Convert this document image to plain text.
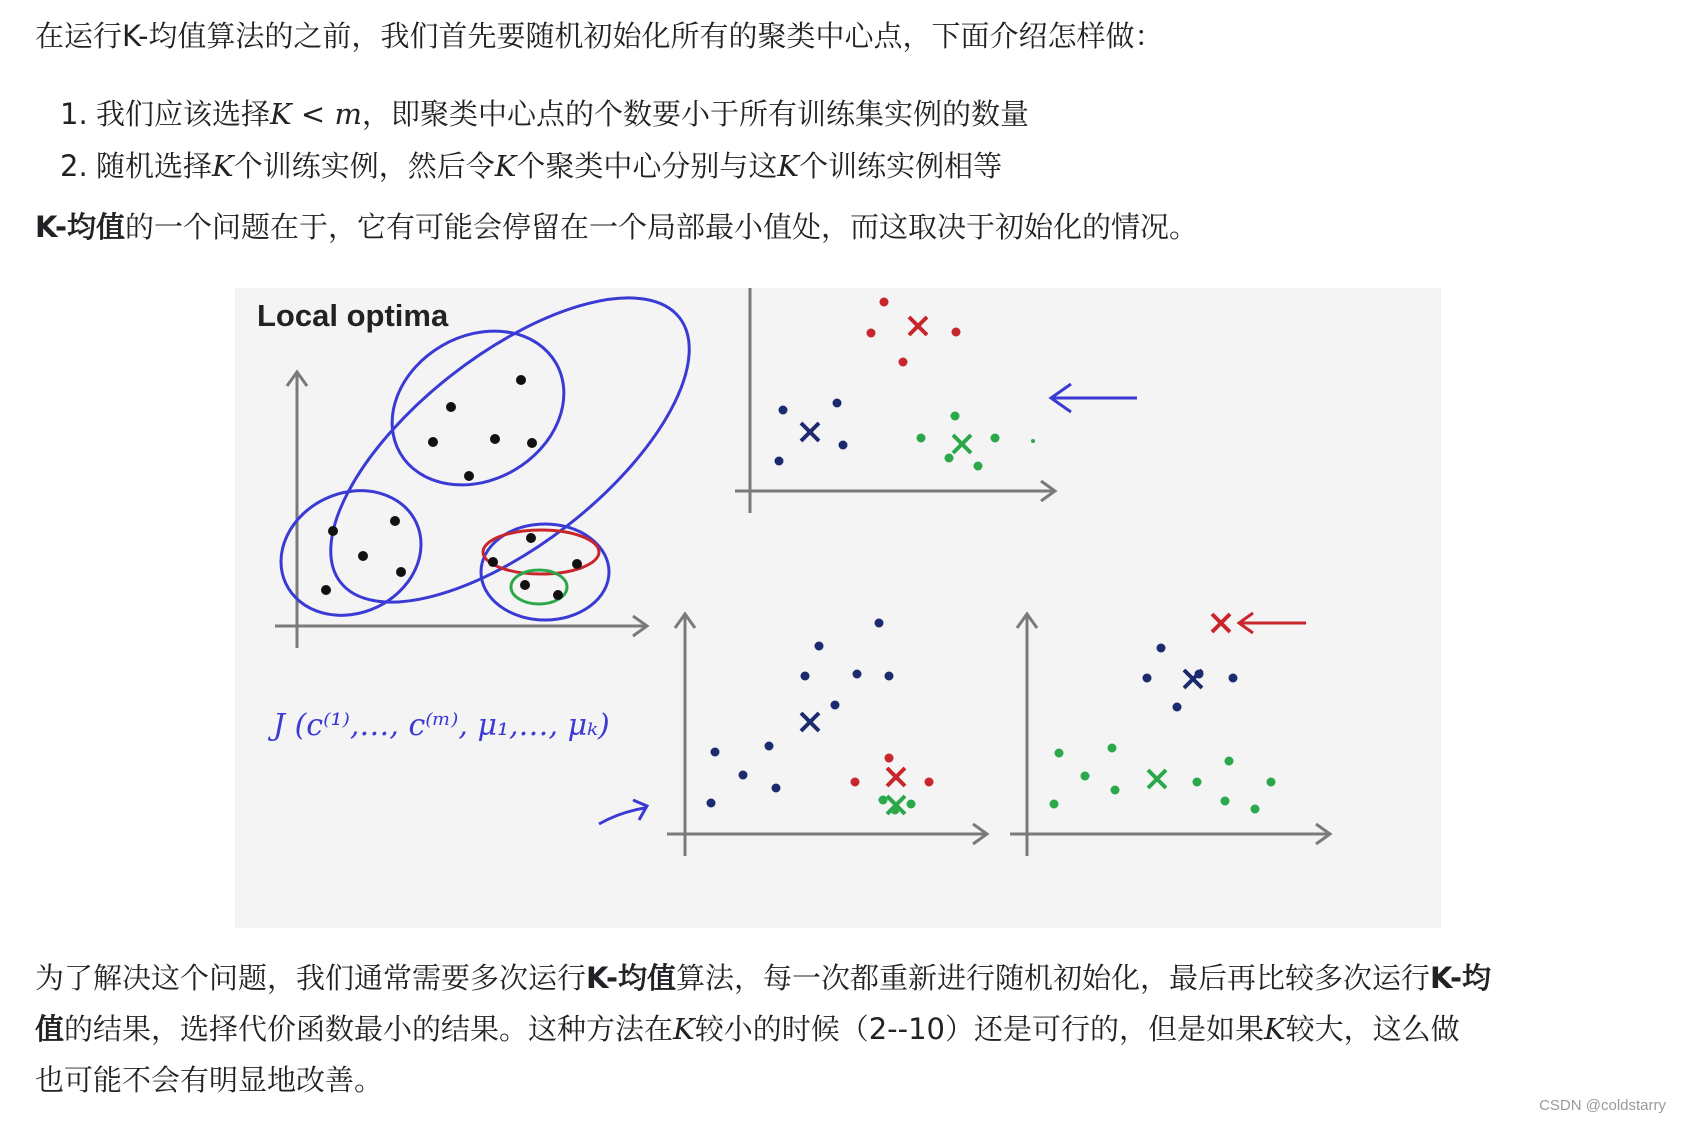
在运行K-均值算法的之前，我们首先要随机初始化所有的聚类中心点，下面介绍怎样做：

1. 我们应该选择K < m，即聚类中心点的个数要小于所有训练集实例的数量
2. 随机选择K个训练实例，然后令K个聚类中心分别与这K个训练实例相等

K-均值的一个问题在于，它有可能会停留在一个局部最小值处，而这取决于初始化的情况。

Local optima
J (c⁽¹⁾,…, c⁽ᵐ⁾, μ₁,…, μₖ)

为了解决这个问题，我们通常需要多次运行K-均值算法，每一次都重新进行随机初始化，最后再比较多次运行K-均

值的结果，选择代价函数最小的结果。这种方法在K较小的时候（2--10）还是可行的，但是如果K较大，这么做

也可能不会有明显地改善。

CSDN @coldstarry
